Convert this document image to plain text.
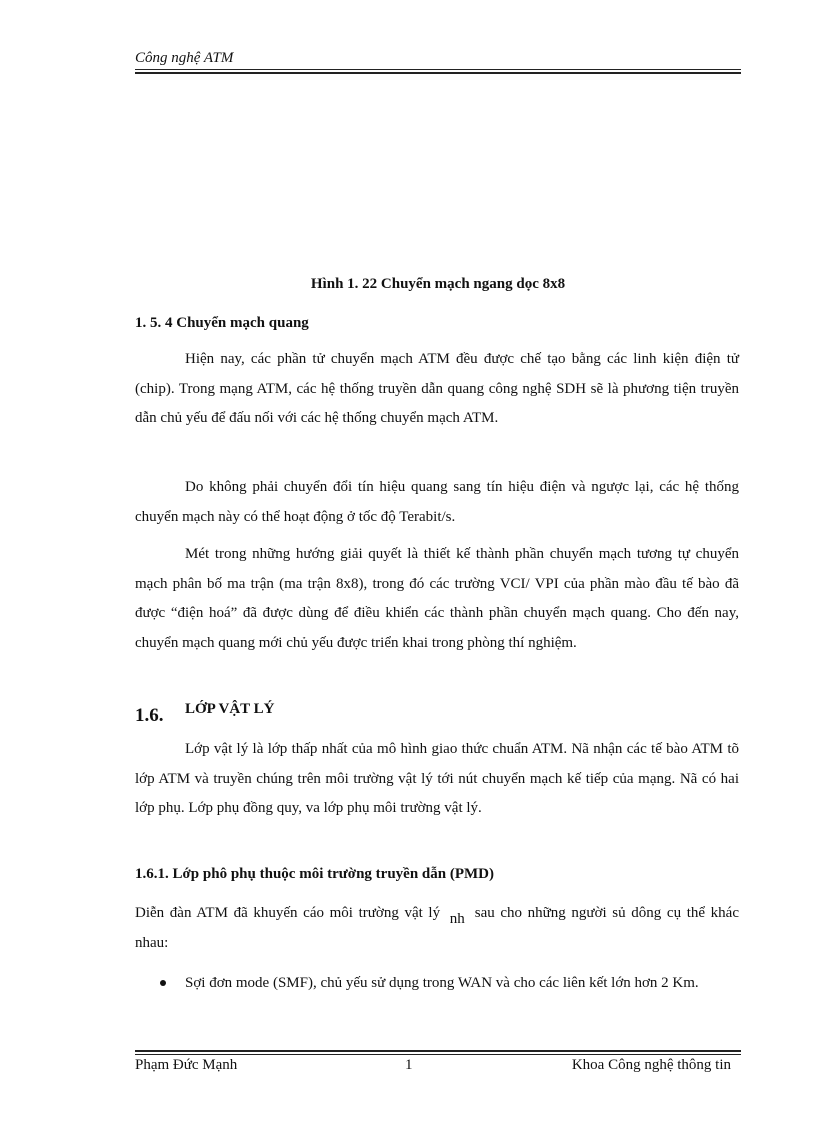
Công nghệ ATM
Hình 1. 22 Chuyển mạch ngang dọc 8x8
1. 5. 4 Chuyển mạch quang

Hiện nay, các phần tử chuyển mạch ATM đều được chế tạo bằng các linh kiện điện tử (chip). Trong mạng ATM, các hệ thống truyền dẫn quang công nghệ SDH sẽ là phương tiện truyền dẫn chủ yếu để đấu nối với các hệ thống chuyển mạch ATM.

Do không phải chuyển đổi tín hiệu quang sang tín hiệu điện và ngược lại, các hệ thống chuyển mạch này có thể hoạt động ở tốc độ Terabit/s.

Mét trong những hướng giải quyết là thiết kế thành phần chuyển mạch tương tự chuyển mạch phân bố ma trận (ma trận 8x8), trong đó các trường VCI/ VPI của phần mào đầu tế bào đã được “điện hoá” đã được dùng để điều khiển các thành phần chuyển mạch quang. Cho đến nay, chuyển mạch quang mới chủ yếu được triển khai trong phòng thí nghiệm.

1.6. LỚP VẬT LÝ

Lớp vật lý là lớp thấp nhất của mô hình giao thức chuẩn ATM. Nã nhận các tế bào ATM tõ lớp ATM và truyền chúng trên môi trường vật lý tới nút chuyển mạch kế tiếp của mạng. Nã có hai lớp phụ. Lớp phụ đồng quy, va lớp phụ môi trường vật lý.

1.6.1. Lớp phô phụ thuộc môi trường truyền dẫn (PMD)

Diễn đàn ATM đã khuyến cáo môi trường vật lý nh sau cho những người sủ dông cụ thể khác nhau:

Sợi đơn mode (SMF), chủ yếu sử dụng trong WAN và cho các liên kết lớn hơn 2 Km.
Phạm Đức Mạnh	1	Khoa Công nghệ thông tin
